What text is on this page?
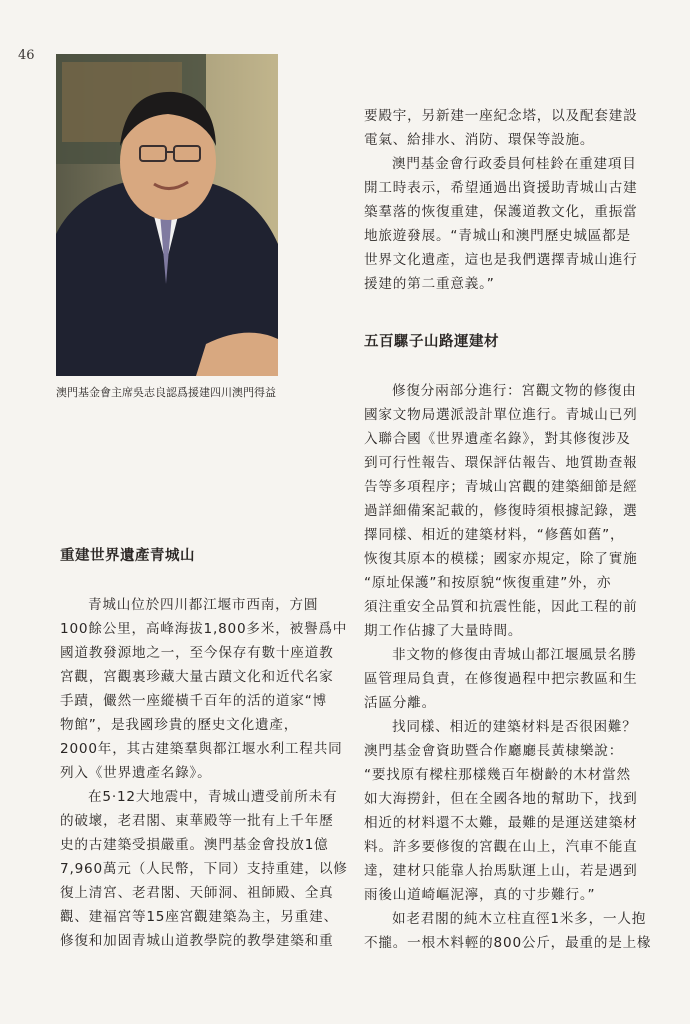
46
澳門基金會主席吳志良認爲援建四川澳門得益
重建世界遺產青城山
青城山位於四川都江堰市西南，方圓
100餘公里，高峰海拔1,800多米，被譽爲中
國道教發源地之一，至今保存有數十座道教
宮觀，宮觀裏珍藏大量古蹟文化和近代名家
手蹟，儼然一座縱橫千百年的活的道家“博
物館”，是我國珍貴的歷史文化遺產，
2000年，其古建築羣與都江堰水利工程共同
列入《世界遺產名錄》。
在5·12大地震中，青城山遭受前所未有
的破壞，老君閣、東華殿等一批有上千年歷
史的古建築受損嚴重。澳門基金會投放1億
7,960萬元（人民幣，下同）支持重建，以修
復上清宮、老君閣、天師洞、祖師殿、全真
觀、建福宮等15座宮觀建築為主，另重建、
修復和加固青城山道教學院的教學建築和重
要殿宇，另新建一座紀念塔，以及配套建設
電氣、給排水、消防、環保等設施。
澳門基金會行政委員何桂鈴在重建項目
開工時表示，希望通過出資援助青城山古建
築羣落的恢復重建，保護道教文化，重振當
地旅遊發展。“青城山和澳門歷史城區都是
世界文化遺產，這也是我們選擇青城山進行
援建的第二重意義。”
五百騾子山路運建材
修復分兩部分進行：宮觀文物的修復由
國家文物局選派設計單位進行。青城山已列
入聯合國《世界遺產名錄》，對其修復涉及
到可行性報告、環保評估報告、地質勘查報
告等多項程序；青城山宮觀的建築細節是經
過詳細備案記載的，修復時須根據記錄，選
擇同樣、相近的建築材料，“修舊如舊”，
恢復其原本的模樣；國家亦規定，除了實施
“原址保護”和按原貌“恢復重建”外，亦
須注重安全品質和抗震性能，因此工程的前
期工作佔據了大量時間。
非文物的修復由青城山都江堰風景名勝
區管理局負責，在修復過程中把宗教區和生
活區分離。
找同樣、相近的建築材料是否很困難？
澳門基金會資助暨合作廳廳長黃棣樂說：
“要找原有樑柱那樣幾百年樹齡的木材當然
如大海撈針，但在全國各地的幫助下，找到
相近的材料還不太難，最難的是運送建築材
料。許多要修復的宮觀在山上，汽車不能直
達，建材只能靠人抬馬馱運上山，若是遇到
雨後山道崎嶇泥濘，真的寸步難行。”
如老君閣的純木立柱直徑1米多，一人抱
不攏。一根木料輕的800公斤，最重的是上椽
